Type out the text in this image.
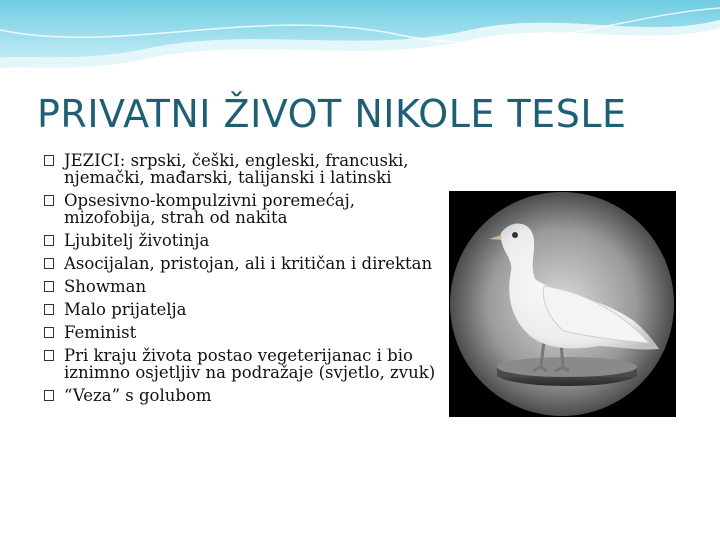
PRIVATNI ŽIVOT NIKOLE TESLE
JEZICI: srpski, češki, engleski, francuski, njemački, mađarski, talijanski i latinski
Opsesivno-kompulzivni poremećaj, mizofobija, strah od nakita
Ljubitelj životinja
Asocijalan, pristojan, ali i kritičan i direktan
Showman
Malo prijatelja
Feminist
Pri kraju života postao vegeterijanac i bio iznimno osjetljiv na podražaje (svjetlo, zvuk)
“Veza” s golubom
